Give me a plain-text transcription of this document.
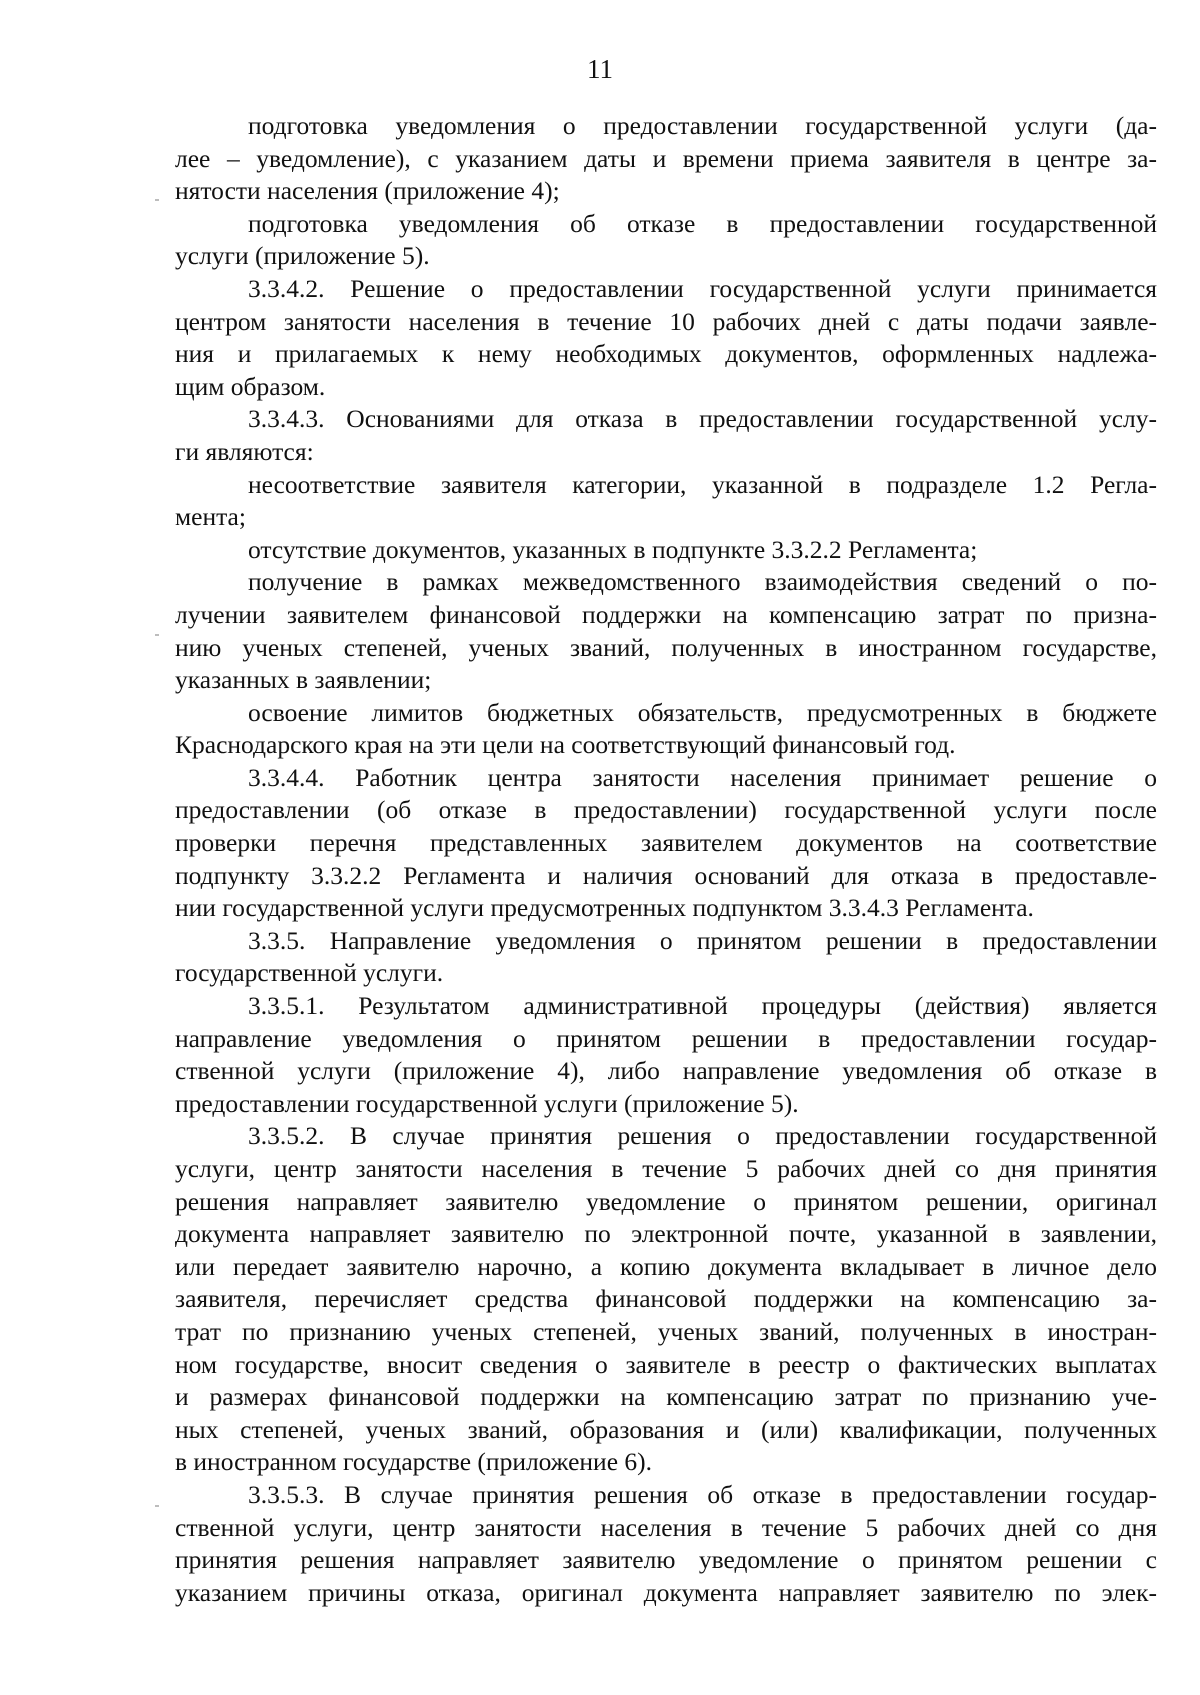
11
подготовка уведомления о предоставлении государственной услуги (да-
лее – уведомление), с указанием даты и времени приема заявителя в центре за-
нятости населения (приложение 4);
подготовка уведомления об отказе в предоставлении государственной
услуги (приложение 5).
3.3.4.2. Решение о предоставлении государственной услуги принимается
центром занятости населения в течение 10 рабочих дней с даты подачи заявле-
ния и прилагаемых к нему необходимых документов, оформленных надлежа-
щим образом.
3.3.4.3. Основаниями для отказа в предоставлении государственной услу-
ги являются:
несоответствие заявителя категории, указанной в подразделе 1.2 Регла-
мента;
отсутствие документов, указанных в подпункте 3.3.2.2 Регламента;
получение в рамках межведомственного взаимодействия сведений о по-
лучении заявителем финансовой поддержки на компенсацию затрат по призна-
нию ученых степеней, ученых званий, полученных в иностранном государстве,
указанных в заявлении;
освоение лимитов бюджетных обязательств, предусмотренных в бюджете
Краснодарского края на эти цели на соответствующий финансовый год.
3.3.4.4. Работник центра занятости населения принимает решение о
предоставлении (об отказе в предоставлении) государственной услуги после
проверки перечня представленных заявителем документов на соответствие
подпункту 3.3.2.2 Регламента и наличия оснований для отказа в предоставле-
нии государственной услуги предусмотренных подпунктом 3.3.4.3 Регламента.
3.3.5. Направление уведомления о принятом решении в предоставлении
государственной услуги.
3.3.5.1. Результатом административной процедуры (действия) является
направление уведомления о принятом решении в предоставлении государ-
ственной услуги (приложение 4), либо направление уведомления об отказе в
предоставлении государственной услуги (приложение 5).
3.3.5.2. В случае принятия решения о предоставлении государственной
услуги, центр занятости населения в течение 5 рабочих дней со дня принятия
решения направляет заявителю уведомление о принятом решении, оригинал
документа направляет заявителю по электронной почте, указанной в заявлении,
или передает заявителю нарочно, а копию документа вкладывает в личное дело
заявителя, перечисляет средства финансовой поддержки на компенсацию за-
трат по признанию ученых степеней, ученых званий, полученных в иностран-
ном государстве, вносит сведения о заявителе в реестр о фактических выплатах
и размерах финансовой поддержки на компенсацию затрат по признанию уче-
ных степеней, ученых званий, образования и (или) квалификации, полученных
в иностранном государстве (приложение 6).
3.3.5.3. В случае принятия решения об отказе в предоставлении государ-
ственной услуги, центр занятости населения в течение 5 рабочих дней со дня
принятия решения направляет заявителю уведомление о принятом решении с
указанием причины отказа, оригинал документа направляет заявителю по элек-
